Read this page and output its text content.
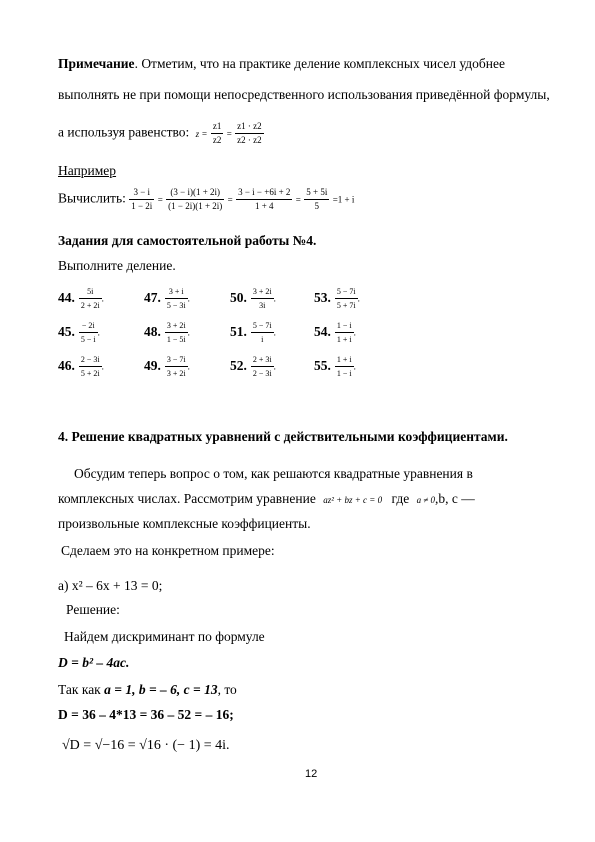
Примечание. Отметим, что на практике деление комплексных чисел удобнее
выполнять не при помощи непосредственного использования приведённой формулы,
а используя равенство: $z = \frac{z1}{z2} = \frac{z1 \cdot z2}{z2 \cdot z2}$
Например
Вычислить: $\frac{3 - i}{1 - 2i} = \frac{(3 - i)(1 + 2i)}{(1 - 2i)(1 + 2i)} = \frac{3 - i - +6i + 2}{1 + 4} = \frac{5 + 5i}{5} =1 + i$
Задания для самостоятельной работы №4.
Выполните деление.
44. $\frac{5i}{2 + 2i}$ .	47. $\frac{3 + i}{5 - 3i}$ .	50. $\frac{3 + 2i}{3i}$ .	53. $\frac{5 - 7i}{5 + 7i}$ .
45. $\frac{- 2i}{5 - i}$ .	48. $\frac{3 + 2i}{1 - 5i}$ .	51. $\frac{5 - 7i}{i}$ .	54. $\frac{1 - i}{1 + i}$ .
46. $\frac{2 - 3i}{5 + 2i}$ .	49. $\frac{3 - 7i}{3 + 2i}$ .	52. $\frac{2 + 3i}{2 - 3i}$ .	55. $\frac{1 + i}{1 - i}$ .
4. Решение квадратных уравнений с действительными коэффициентами.
Обсудим теперь вопрос о том, как решаются квадратные уравнения в
комплексных числах. Рассмотрим уравнение az² + bz + c = 0 где a ≠ 0,b, c —
произвольные комплексные коэффициенты.
Сделаем это на конкретном примере:
а) x² – 6x + 13 = 0;
Решение:
Найдем дискриминант по формуле
D = b² – 4ac.
Так как a = 1, b = – 6, c = 13, то
D = 36 – 4*13 = 36 – 52 = – 16;
√D = √−16 = √16 · (− 1) = 4i.
12
